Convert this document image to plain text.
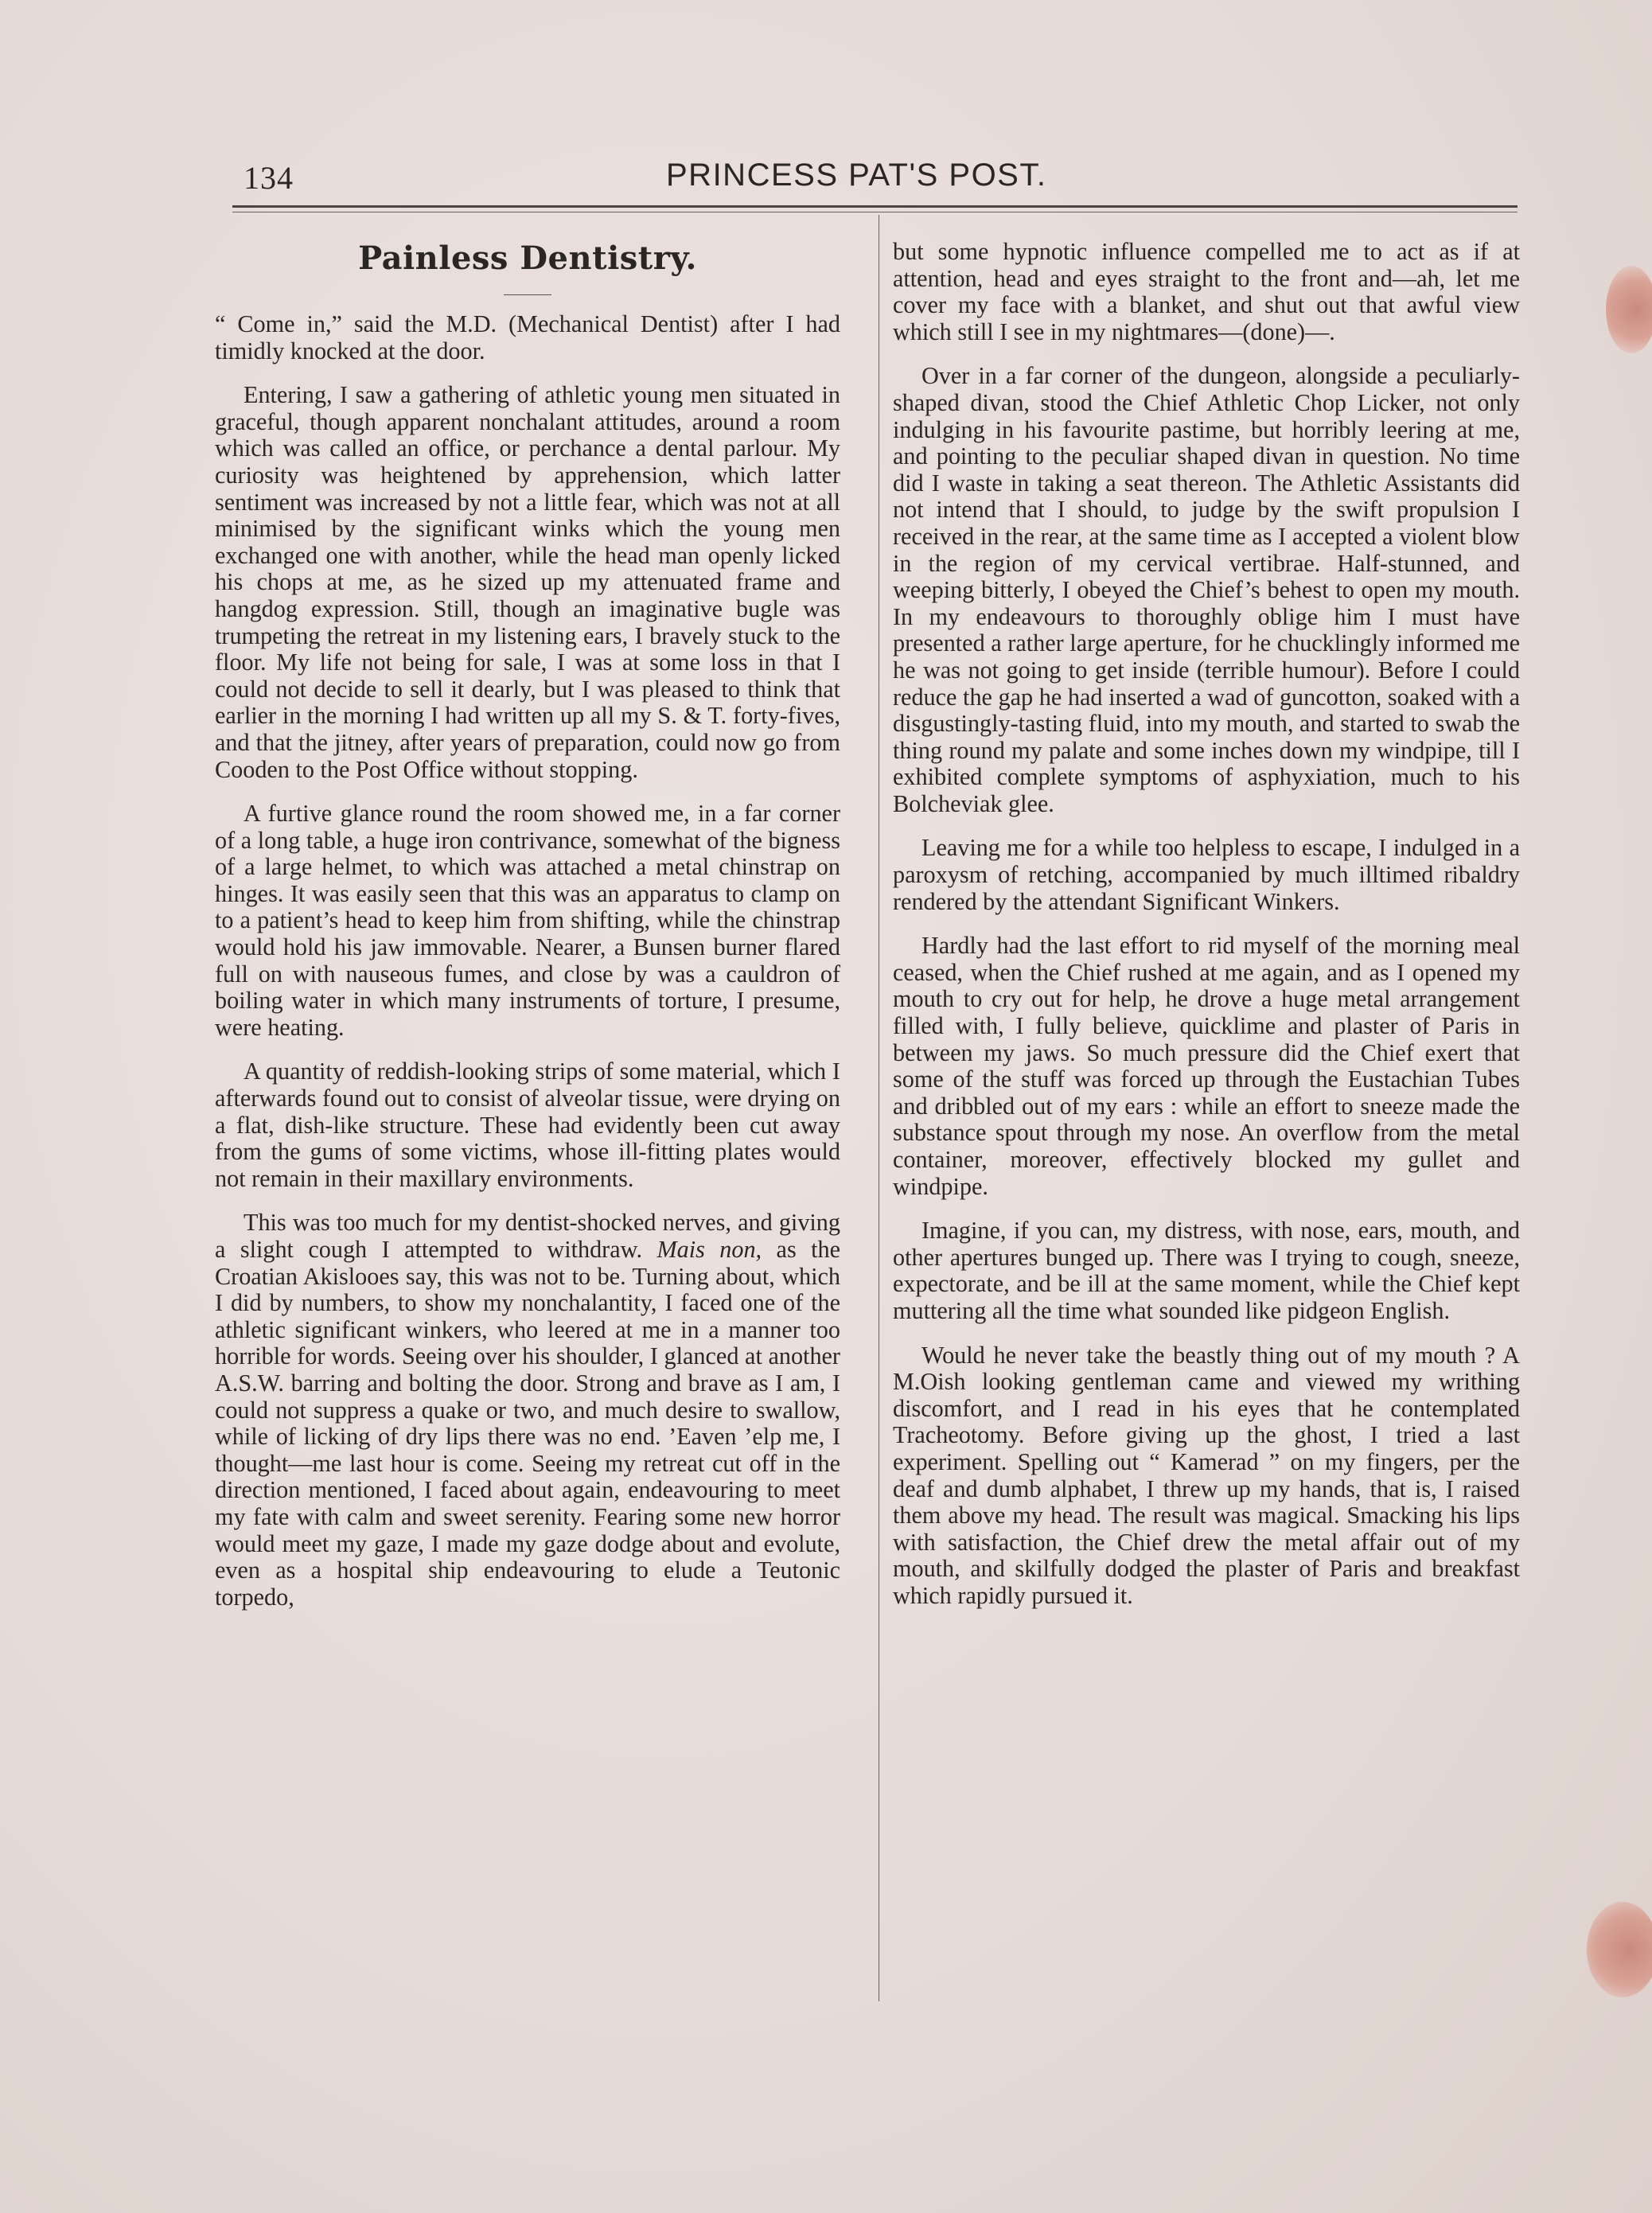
134	PRINCESS PAT'S POST.
Painless Dentistry.

“ Come in,” said the M.D. (Mechanical Dentist) after I had timidly knocked at the door.

Entering, I saw a gathering of athletic young men situated in graceful, though apparent nonchalant attitudes, around a room which was called an office, or perchance a dental parlour. My curiosity was heightened by apprehension, which latter sentiment was increased by not a little fear, which was not at all minimised by the significant winks which the young men exchanged one with another, while the head man openly licked his chops at me, as he sized up my attenuated frame and hangdog expression. Still, though an imaginative bugle was trumpeting the retreat in my listening ears, I bravely stuck to the floor. My life not being for sale, I was at some loss in that I could not decide to sell it dearly, but I was pleased to think that earlier in the morning I had written up all my S. & T. forty-fives, and that the jitney, after years of preparation, could now go from Cooden to the Post Office without stopping.

A furtive glance round the room showed me, in a far corner of a long table, a huge iron contrivance, somewhat of the bigness of a large helmet, to which was attached a metal chinstrap on hinges. It was easily seen that this was an apparatus to clamp on to a patient’s head to keep him from shifting, while the chinstrap would hold his jaw immovable. Nearer, a Bunsen burner flared full on with nauseous fumes, and close by was a cauldron of boiling water in which many instruments of torture, I presume, were heating.

A quantity of reddish-looking strips of some material, which I afterwards found out to consist of alveolar tissue, were drying on a flat, dish-like structure. These had evidently been cut away from the gums of some victims, whose ill-fitting plates would not remain in their maxillary environments.

This was too much for my dentist-shocked nerves, and giving a slight cough I attempted to withdraw. Mais non, as the Croatian Akislooes say, this was not to be. Turning about, which I did by numbers, to show my nonchalantity, I faced one of the athletic significant winkers, who leered at me in a manner too horrible for words. Seeing over his shoulder, I glanced at another A.S.W. barring and bolting the door. Strong and brave as I am, I could not suppress a quake or two, and much desire to swallow, while of licking of dry lips there was no end. ’Eaven ’elp me, I thought—me last hour is come. Seeing my retreat cut off in the direction mentioned, I faced about again, endeavouring to meet my fate with calm and sweet serenity. Fearing some new horror would meet my gaze, I made my gaze dodge about and evolute, even as a hospital ship endeavouring to elude a Teutonic torpedo,

but some hypnotic influence compelled me to act as if at attention, head and eyes straight to the front and—ah, let me cover my face with a blanket, and shut out that awful view which still I see in my nightmares—(done)—.

Over in a far corner of the dungeon, alongside a peculiarly-shaped divan, stood the Chief Athletic Chop Licker, not only indulging in his favourite pastime, but horribly leering at me, and pointing to the peculiar shaped divan in question. No time did I waste in taking a seat thereon. The Athletic Assistants did not intend that I should, to judge by the swift propulsion I received in the rear, at the same time as I accepted a violent blow in the region of my cervical vertibrae. Half-stunned, and weeping bitterly, I obeyed the Chief’s behest to open my mouth. In my endeavours to thoroughly oblige him I must have presented a rather large aperture, for he chucklingly informed me he was not going to get inside (terrible humour). Before I could reduce the gap he had inserted a wad of guncotton, soaked with a disgustingly-tasting fluid, into my mouth, and started to swab the thing round my palate and some inches down my windpipe, till I exhibited complete symptoms of asphyxiation, much to his Bolcheviak glee.

Leaving me for a while too helpless to escape, I indulged in a paroxysm of retching, accompanied by much illtimed ribaldry rendered by the attendant Significant Winkers.

Hardly had the last effort to rid myself of the morning meal ceased, when the Chief rushed at me again, and as I opened my mouth to cry out for help, he drove a huge metal arrangement filled with, I fully believe, quicklime and plaster of Paris in between my jaws. So much pressure did the Chief exert that some of the stuff was forced up through the Eustachian Tubes and dribbled out of my ears : while an effort to sneeze made the substance spout through my nose. An overflow from the metal container, moreover, effectively blocked my gullet and windpipe.

Imagine, if you can, my distress, with nose, ears, mouth, and other apertures bunged up. There was I trying to cough, sneeze, expectorate, and be ill at the same moment, while the Chief kept muttering all the time what sounded like pidgeon English.

Would he never take the beastly thing out of my mouth ? A M.Oish looking gentleman came and viewed my writhing discomfort, and I read in his eyes that he contemplated Tracheotomy. Before giving up the ghost, I tried a last experiment. Spelling out “ Kamerad ” on my fingers, per the deaf and dumb alphabet, I threw up my hands, that is, I raised them above my head. The result was magical. Smacking his lips with satisfaction, the Chief drew the metal affair out of my mouth, and skilfully dodged the plaster of Paris and breakfast which rapidly pursued it.
